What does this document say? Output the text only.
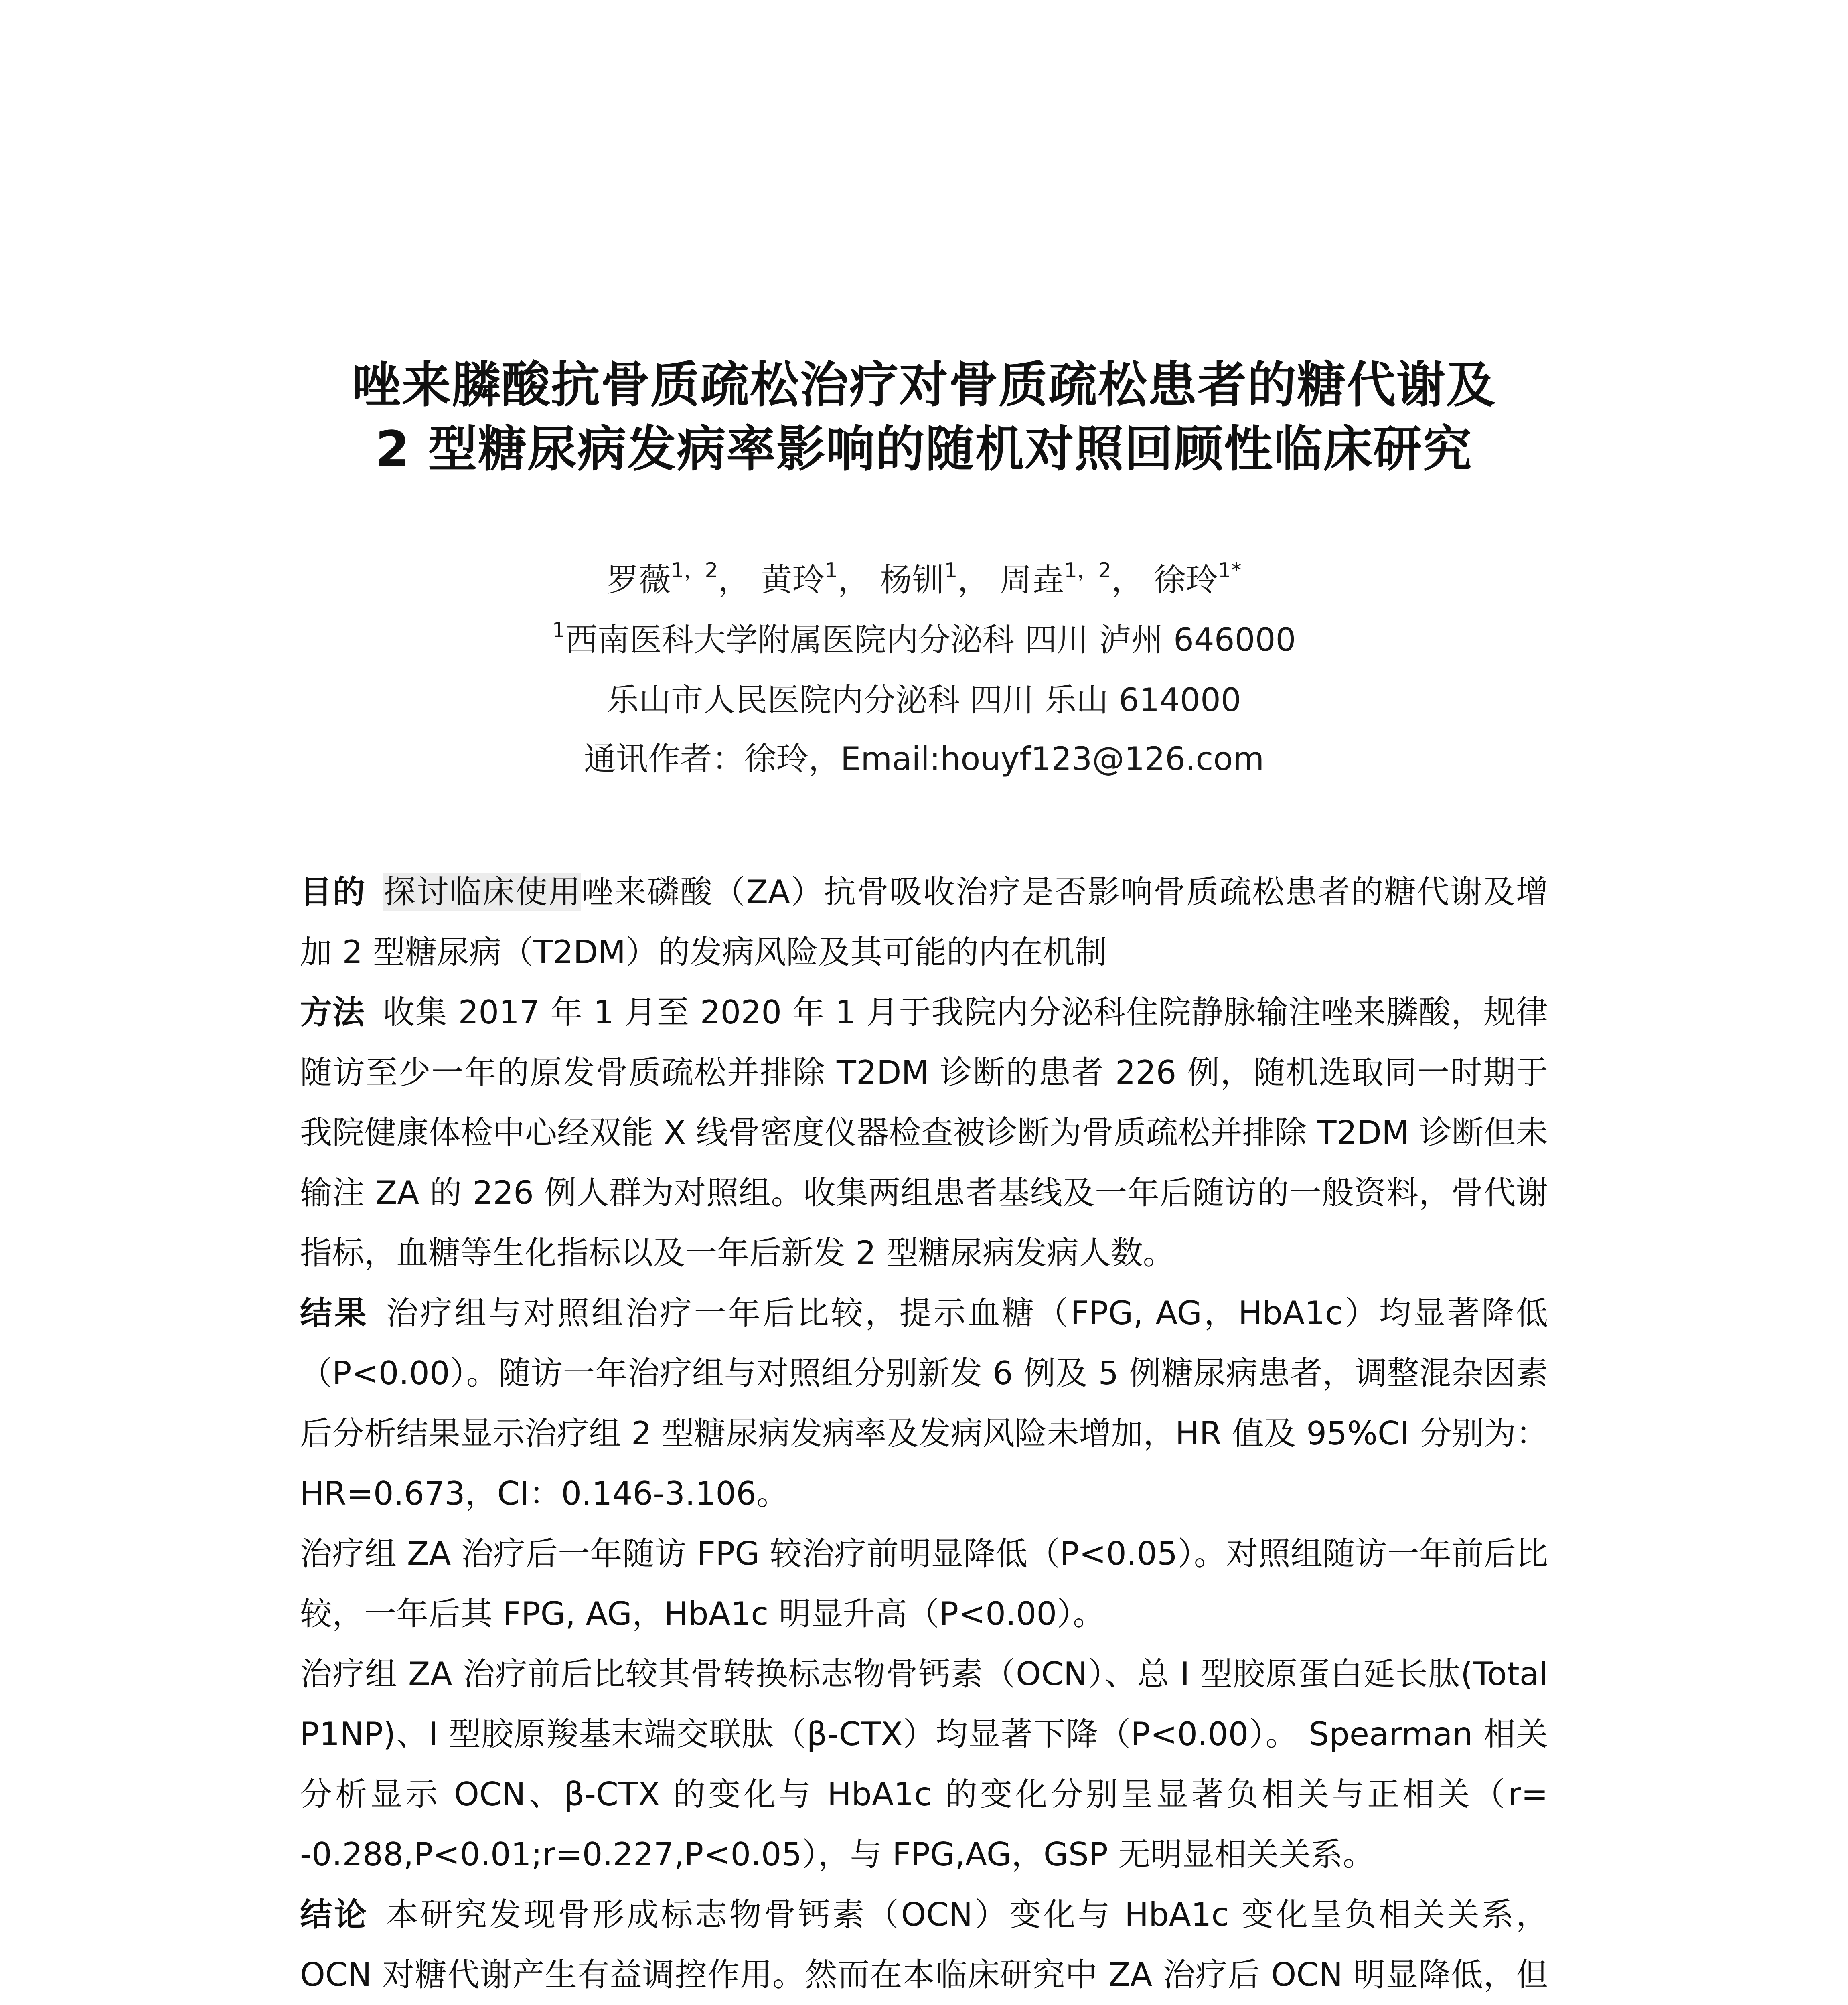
唑来膦酸抗骨质疏松治疗对骨质疏松患者的糖代谢及
2 型糖尿病发病率影响的随机对照回顾性临床研究
罗薇$^{1,2}$， 黄玲$^1$， 杨钏$^1$， 周垚$^{1,2}$， 徐玲$^{1*}$
$^1$西南医科大学附属医院内分泌科 四川 泸州 646000
乐山市人民医院内分泌科 四川 乐山 614000
通讯作者：徐玲，Email:houyf123@126.com

目的 探讨临床使用唑来磷酸（ZA）抗骨吸收治疗是否影响骨质疏松患者的糖代谢及增加 2 型糖尿病（T2DM）的发病风险及其可能的内在机制

方法 收集 2017 年 1 月至 2020 年 1 月于我院内分泌科住院静脉输注唑来膦酸，规律随访至少一年的原发骨质疏松并排除 T2DM 诊断的患者 226 例，随机选取同一时期于我院健康体检中心经双能 X 线骨密度仪器检查被诊断为骨质疏松并排除 T2DM 诊断但未输注 ZA 的 226 例人群为对照组。收集两组患者基线及一年后随访的一般资料，骨代谢指标，血糖等生化指标以及一年后新发 2 型糖尿病发病人数。

结果 治疗组与对照组治疗一年后比较，提示血糖（FPG, AG，HbA1c）均显著降低（P<0.00）。随访一年治疗组与对照组分别新发 6 例及 5 例糖尿病患者，调整混杂因素后分析结果显示治疗组 2 型糖尿病发病率及发病风险未增加，HR 值及 95%CI 分别为：HR=0.673，CI：0.146-3.106。

治疗组 ZA 治疗后一年随访 FPG 较治疗前明显降低（P<0.05）。对照组随访一年前后比较，一年后其 FPG, AG，HbA1c 明显升高（P<0.00）。

治疗组 ZA 治疗前后比较其骨转换标志物骨钙素（OCN）、总 I 型胶原蛋白延长肽(Total P1NP)、I 型胶原羧基末端交联肽（β-CTX）均显著下降（P<0.00）。 Spearman 相关分析显示 OCN、β-CTX 的变化与 HbA1c 的变化分别呈显著负相关与正相关（r= -0.288,P<0.01;r=0.227,P<0.05），与 FPG,AG，GSP 无明显相关关系。

结论 本研究发现骨形成标志物骨钙素（OCN）变化与 HbA1c 变化呈负相关关系，OCN 对糖代谢产生有益调控作用。然而在本临床研究中 ZA 治疗后 OCN 明显降低，但
